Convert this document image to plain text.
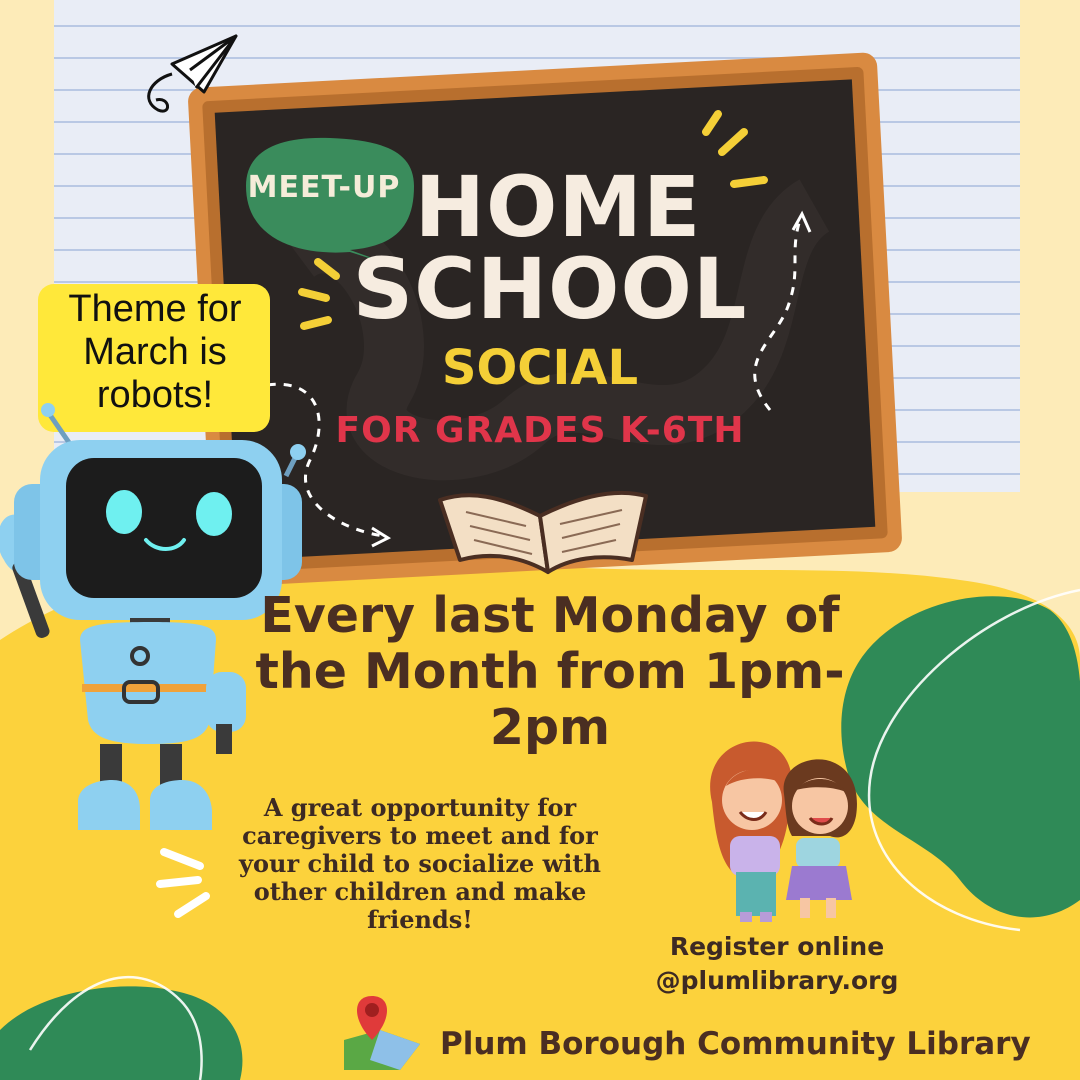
MEET-UP HOME
SCHOOL
SOCIAL
FOR GRADES K-6TH
Theme for March is robots!
Every last Monday of the Month from 1pm-2pm
A great opportunity for caregivers to meet and for your child to socialize with other children and make friends!
Register online
@plumlibrary.org
Plum Borough Community Library
